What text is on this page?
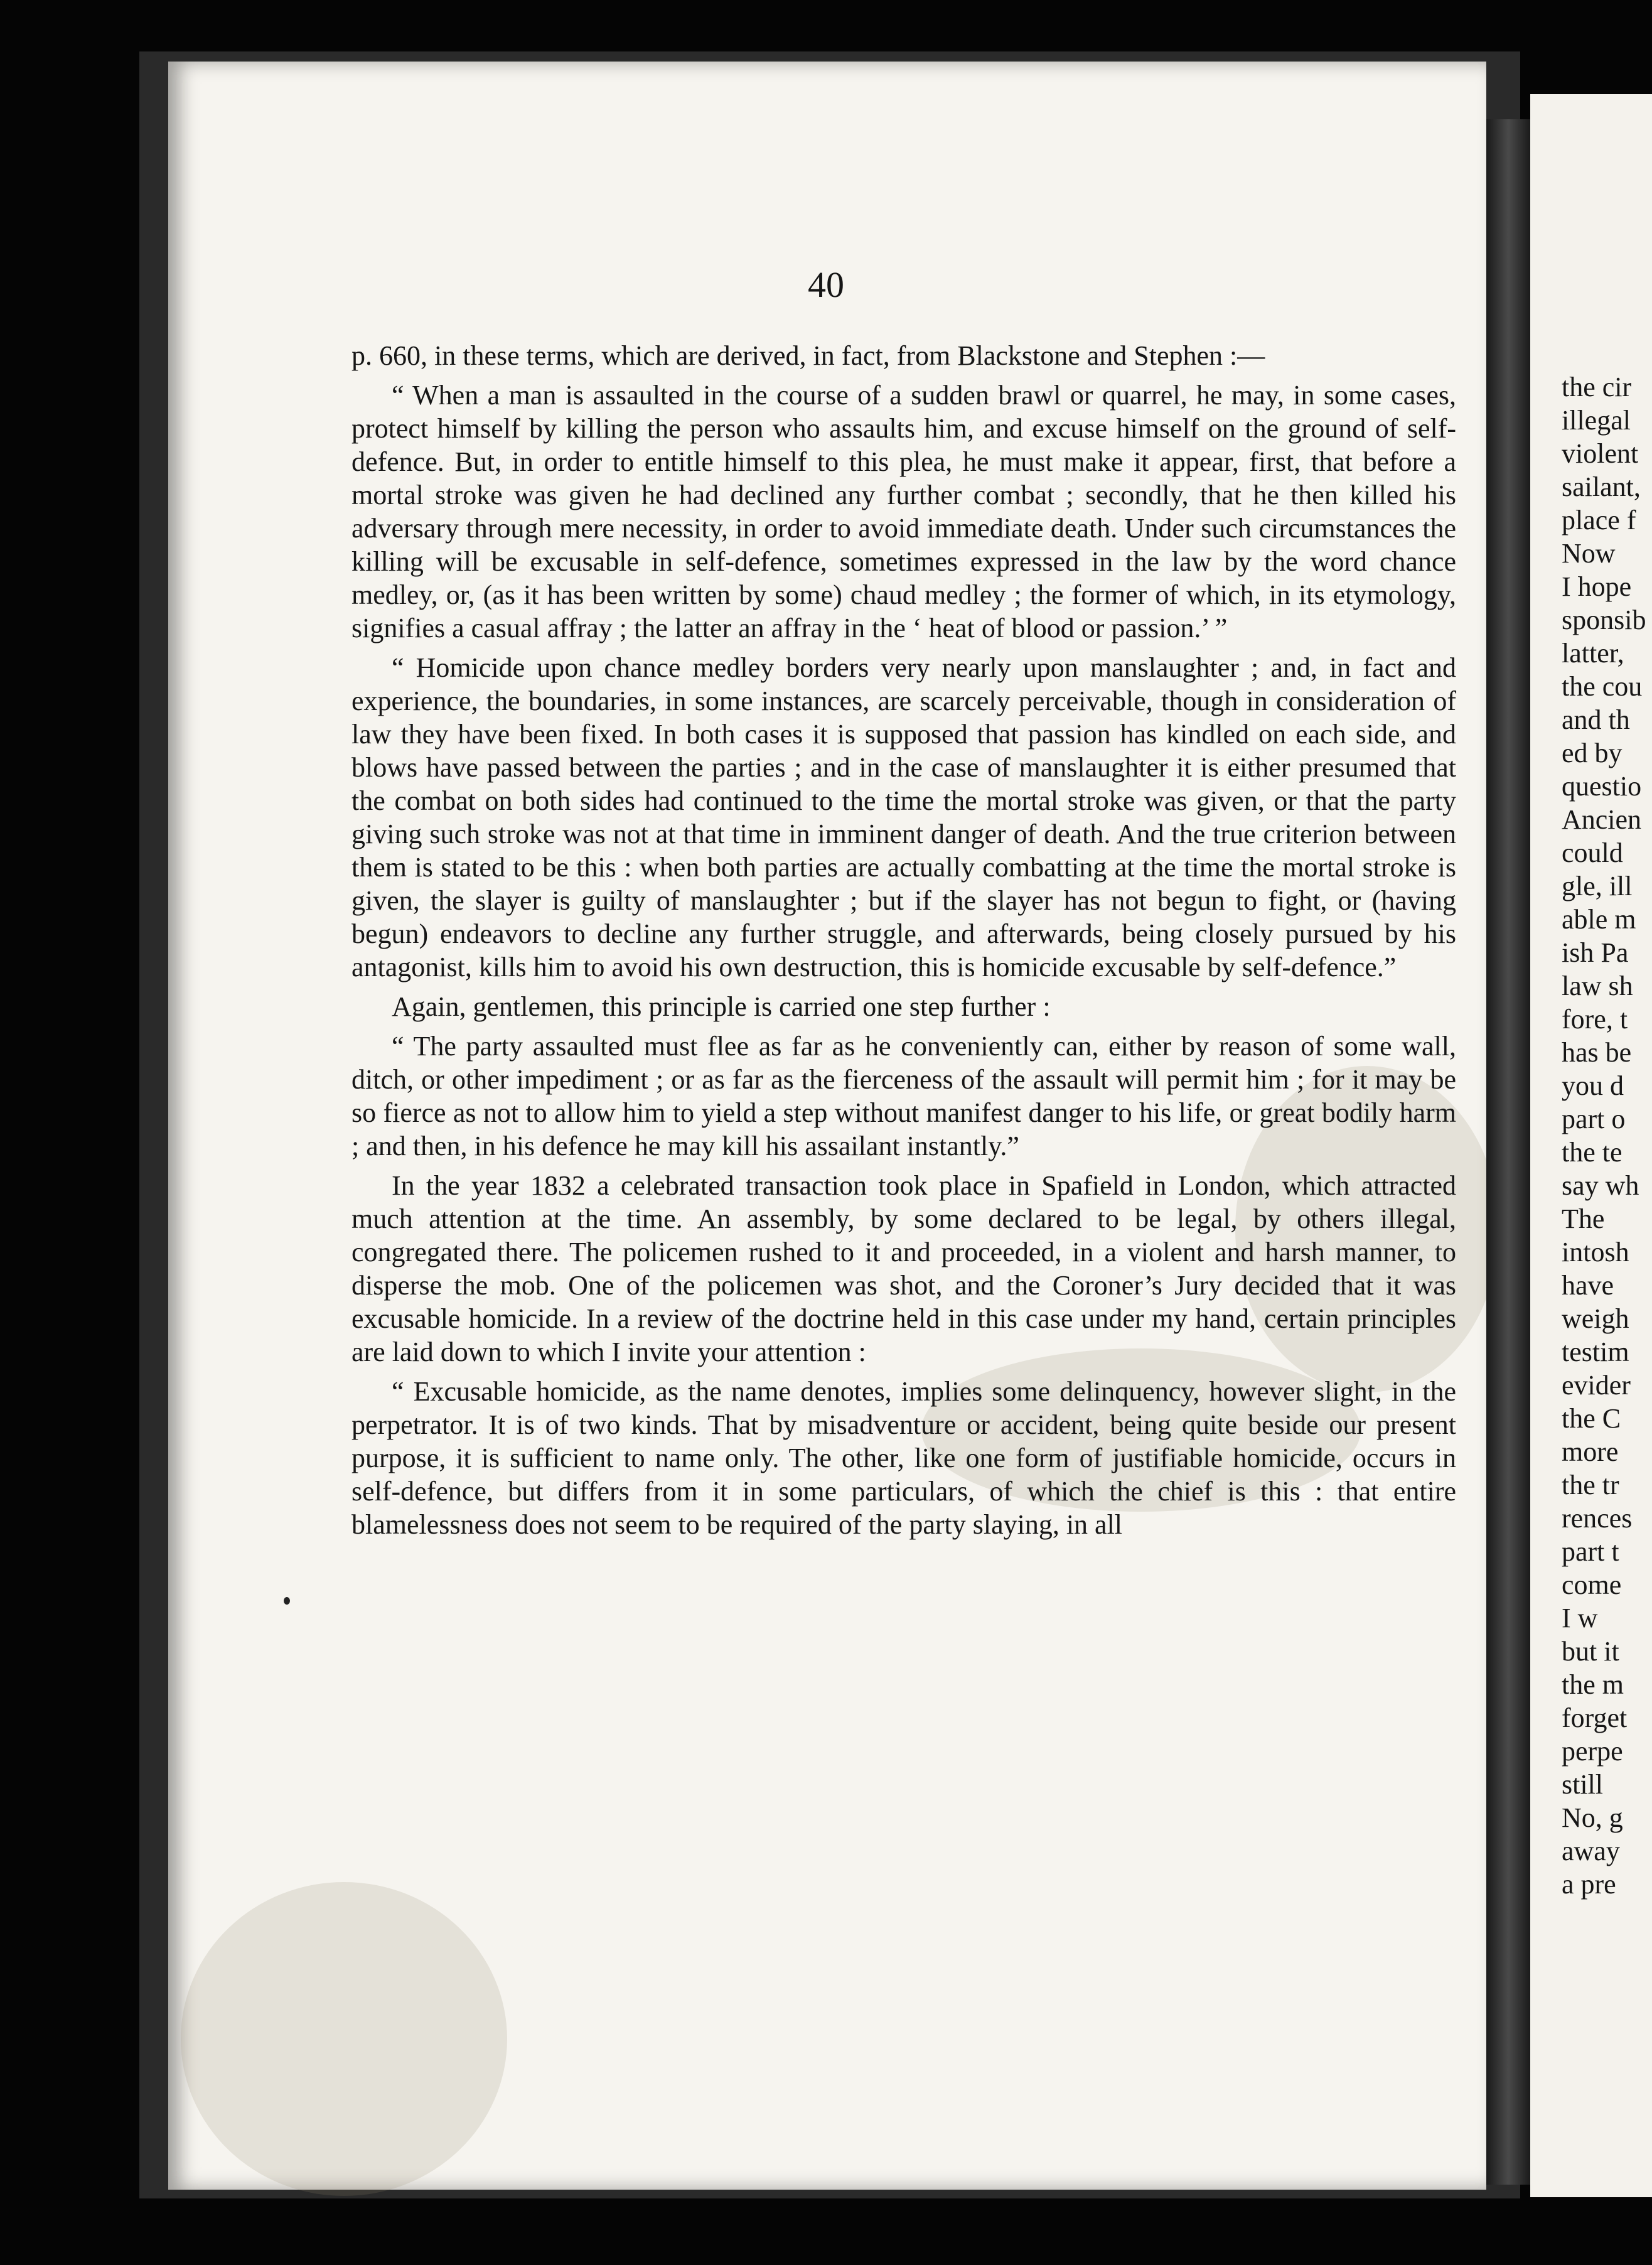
40

p. 660, in these terms, which are derived, in fact, from Blackstone and Stephen :—

“ When a man is assaulted in the course of a sudden brawl or quarrel, he may, in some cases, protect himself by killing the person who assaults him, and excuse himself on the ground of self-defence. But, in order to entitle himself to this plea, he must make it appear, first, that before a mortal stroke was given he had declined any further combat ; secondly, that he then killed his adversary through mere necessity, in order to avoid immediate death. Under such circumstances the killing will be excusable in self-defence, sometimes expressed in the law by the word chance medley, or, (as it has been written by some) chaud medley ; the former of which, in its etymology, signifies a casual affray ; the latter an affray in the ‘ heat of blood or passion.’ ”

“ Homicide upon chance medley borders very nearly upon manslaughter ; and, in fact and experience, the boundaries, in some instances, are scarcely perceivable, though in consideration of law they have been fixed. In both cases it is supposed that passion has kindled on each side, and blows have passed between the parties ; and in the case of manslaughter it is either presumed that the combat on both sides had continued to the time the mortal stroke was given, or that the party giving such stroke was not at that time in imminent danger of death. And the true criterion between them is stated to be this : when both parties are actually combatting at the time the mortal stroke is given, the slayer is guilty of manslaughter ; but if the slayer has not begun to fight, or (having begun) endeavors to decline any further struggle, and afterwards, being closely pursued by his antagonist, kills him to avoid his own destruction, this is homicide excusable by self-defence.”

Again, gentlemen, this principle is carried one step further :

“ The party assaulted must flee as far as he conveniently can, either by reason of some wall, ditch, or other impediment ; or as far as the fierceness of the assault will permit him ; for it may be so fierce as not to allow him to yield a step without manifest danger to his life, or great bodily harm ; and then, in his defence he may kill his assailant instantly.”

In the year 1832 a celebrated transaction took place in Spafield in London, which attracted much attention at the time. An assembly, by some declared to be legal, by others illegal, congregated there. The policemen rushed to it and proceeded, in a violent and harsh manner, to disperse the mob. One of the policemen was shot, and the Coroner’s Jury decided that it was excusable homicide. In a review of the doctrine held in this case under my hand, certain principles are laid down to which I invite your attention :

“ Excusable homicide, as the name denotes, implies some delinquency, however slight, in the perpetrator. It is of two kinds. That by misadventure or accident, being quite beside our present purpose, it is sufficient to name only. The other, like one form of justifiable homicide, occurs in self-defence, but differs from it in some particulars, of which the chief is this : that entire blamelessness does not seem to be required of the party slaying, in all

the cir
illegal
violent
sailant,
place f
Now
I hope
sponsib
latter,
the cou
and th
ed by
questio
Ancien
could
gle, ill
able m
ish Pa
law sh
fore, t
has be
you d
part o
the te
say wh
The
intosh
have
weigh
testim
evider
the C
more
the tr
rences
part t
come
I w
but it
the m
forget
perpe
still
No, g
away
a pre
